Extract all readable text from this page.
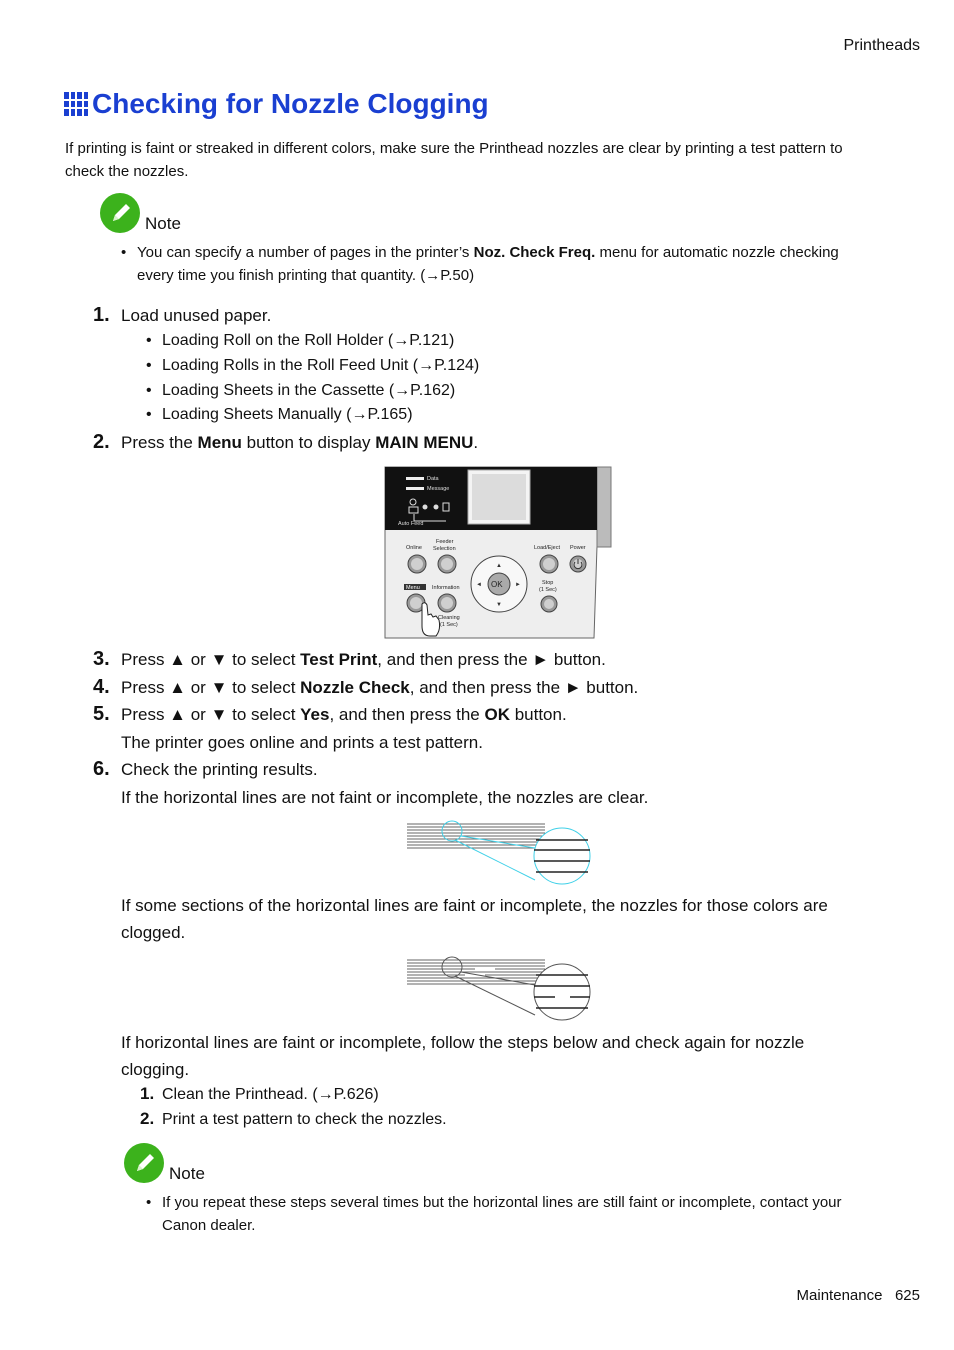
Printheads
Checking for Nozzle Clogging
If printing is faint or streaked in different colors, make sure the Printhead nozzles are clear by printing a test pattern to check the nozzles.
Note
• You can specify a number of pages in the printer’s Noz. Check Freq. menu for automatic nozzle checking every time you finish printing that quantity. (→P.50)
1. Load unused paper.
• Loading Roll on the Roll Holder (→P.121)
• Loading Rolls in the Roll Feed Unit (→P.124)
• Loading Sheets in the Cassette (→P.162)
• Loading Sheets Manually (→P.165)
2. Press the Menu button to display MAIN MENU.
Data
Message
Auto Feed
Online
Feeder
Selection
OK
▲
▼
◄	►
Load/Eject Power
Stop
(1 Sec)
Menu Information
Cleaning
(1 Sec)
3. Press ▲ or ▼ to select Test Print, and then press the ► button.
4. Press ▲ or ▼ to select Nozzle Check, and then press the ► button.
5. Press ▲ or ▼ to select Yes, and then press the OK button.
The printer goes online and prints a test pattern.
6. Check the printing results.
If the horizontal lines are not faint or incomplete, the nozzles are clear.
If some sections of the horizontal lines are faint or incomplete, the nozzles for those colors are clogged.
If horizontal lines are faint or incomplete, follow the steps below and check again for nozzle clogging.
1. Clean the Printhead. (→P.626)
2. Print a test pattern to check the nozzles.
Note
• If you repeat these steps several times but the horizontal lines are still faint or incomplete, contact your Canon dealer.
Maintenance 625
